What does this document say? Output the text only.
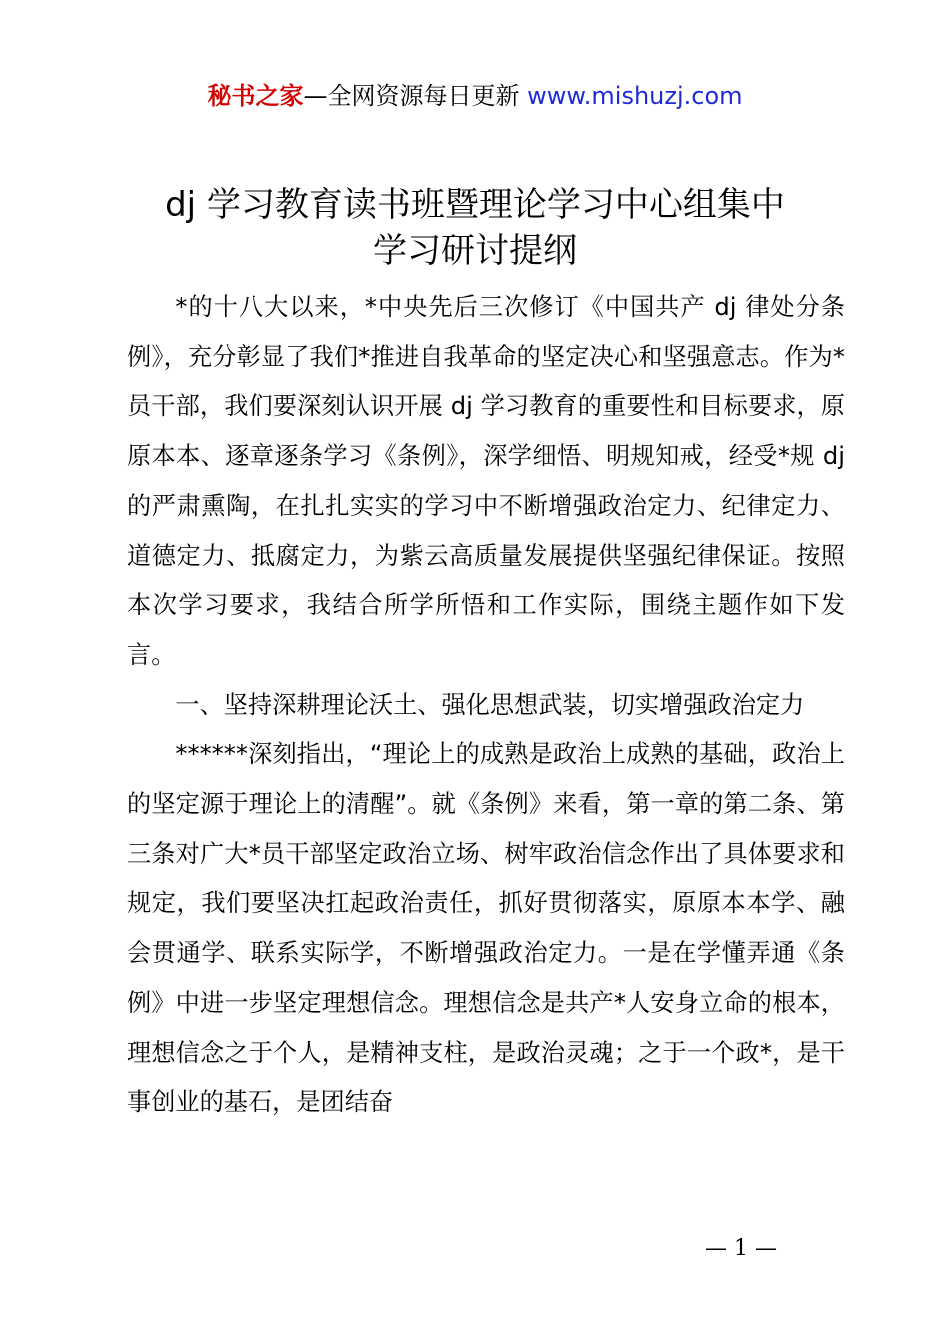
秘书之家—全网资源每日更新 www.mishuzj.com
dj 学习教育读书班暨理论学习中心组集中
学习研讨提纲

*的十八大以来，*中央先后三次修订《中国共产 dj 律处分条例》，充分彰显了我们*推进自我革命的坚定决心和坚强意志。作为*员干部，我们要深刻认识开展 dj 学习教育的重要性和目标要求，原原本本、逐章逐条学习《条例》，深学细悟、明规知戒，经受*规 dj 的严肃熏陶，在扎扎实实的学习中不断增强政治定力、纪律定力、道德定力、抵腐定力，为紫云高质量发展提供坚强纪律保证。按照本次学习要求，我结合所学所悟和工作实际，围绕主题作如下发言。

一、坚持深耕理论沃土、强化思想武装，切实增强政治定力

******深刻指出，“理论上的成熟是政治上成熟的基础，政治上的坚定源于理论上的清醒”。就《条例》来看，第一章的第二条、第三条对广大*员干部坚定政治立场、树牢政治信念作出了具体要求和规定，我们要坚决扛起政治责任，抓好贯彻落实，原原本本学、融会贯通学、联系实际学，不断增强政治定力。一是在学懂弄通《条例》中进一步坚定理想信念。理想信念是共产*人安身立命的根本，理想信念之于个人，是精神支柱，是政治灵魂；之于一个政*，是干事创业的基石，是团结奋

— 1 —
